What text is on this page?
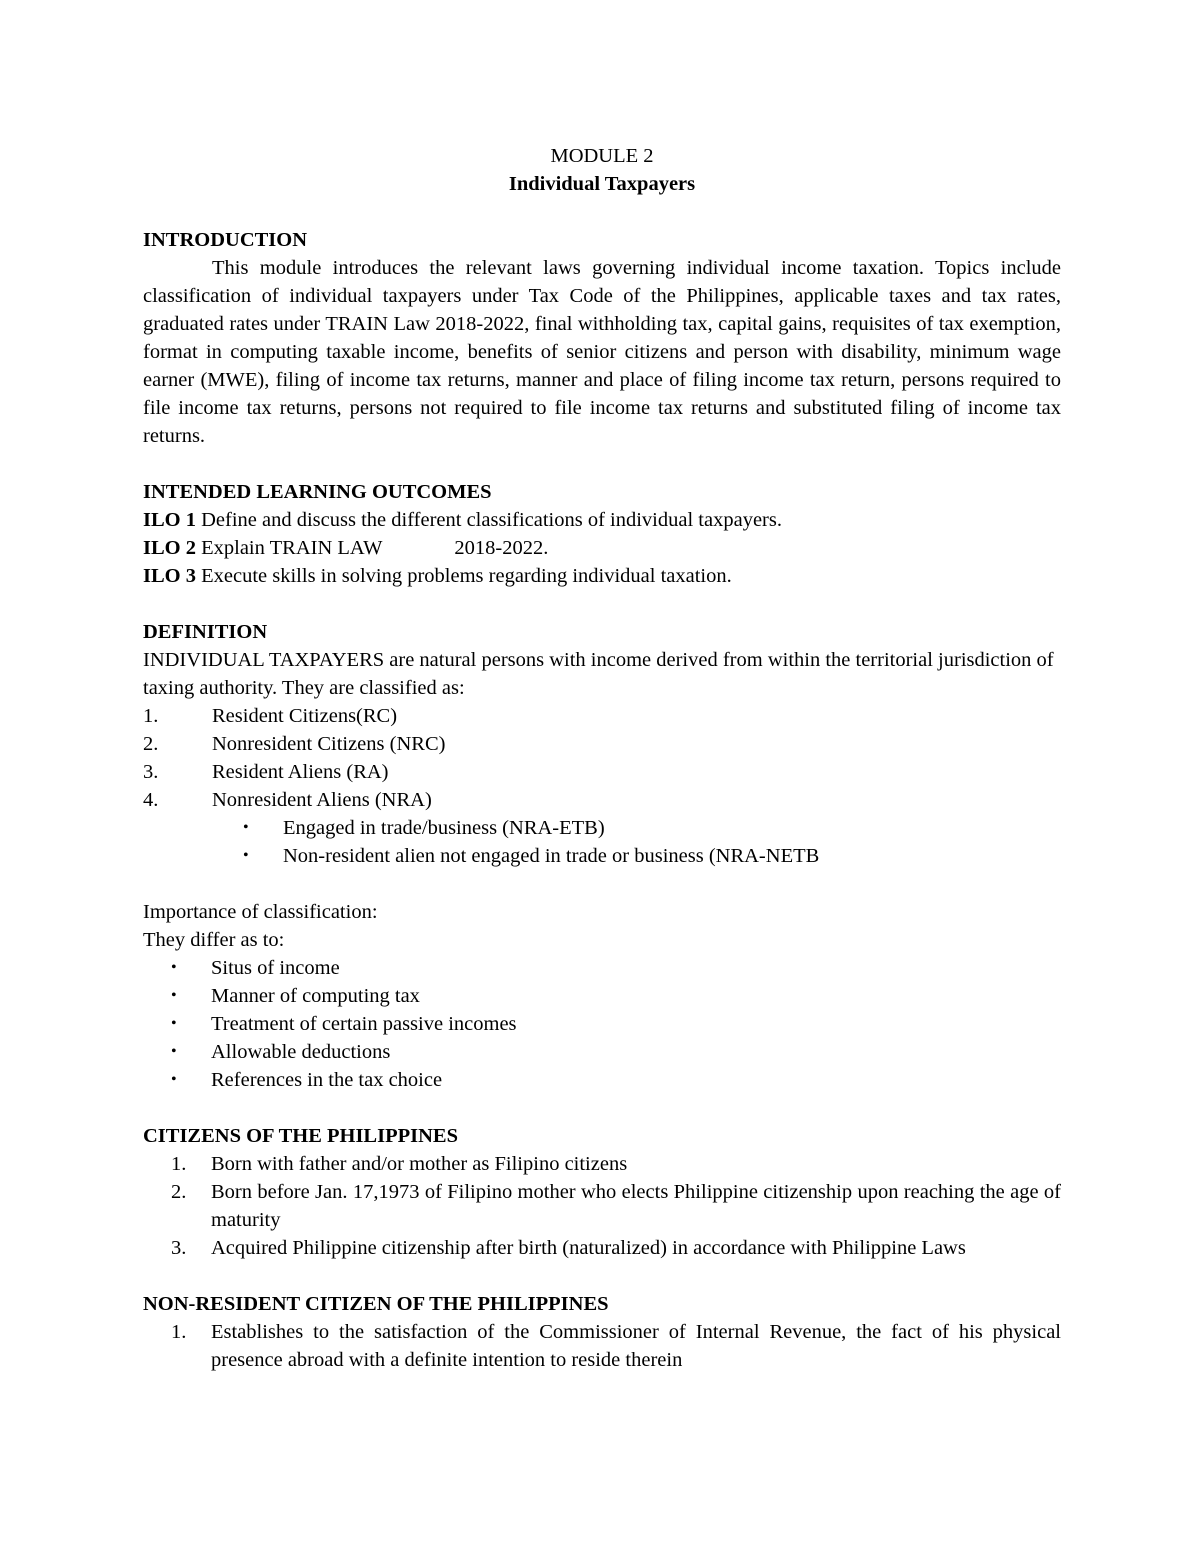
MODULE 2

Individual Taxpayers

INTRODUCTION

This module introduces the relevant laws governing individual income taxation. Topics include classification of individual taxpayers under Tax Code of the Philippines, applicable taxes and tax rates, graduated rates under TRAIN Law 2018-2022, final withholding tax, capital gains, requisites of tax exemption, format in computing taxable income, benefits of senior citizens and person with disability, minimum wage earner (MWE), filing of income tax returns, manner and place of filing income tax return, persons required to file income tax returns, persons not required to file income tax returns and substituted filing of income tax returns.

INTENDED LEARNING OUTCOMES

ILO 1 Define and discuss the different classifications of individual taxpayers.

ILO 2 Explain TRAIN LAW	2018-2022.

ILO 3 Execute skills in solving problems regarding individual taxation.

DEFINITION

INDIVIDUAL TAXPAYERS are natural persons with income derived from within the territorial jurisdiction of taxing authority. They are classified as:

1.	Resident Citizens(RC)
2.	Nonresident Citizens (NRC)
3.	Resident Aliens (RA)
4.	Nonresident Aliens (NRA)
•	Engaged in trade/business (NRA-ETB)
•	Non-resident alien not engaged in trade or business (NRA-NETB

Importance of classification:

They differ as to:

•	Situs of income
•	Manner of computing tax
•	Treatment of certain passive incomes
•	Allowable deductions
•	References in the tax choice

CITIZENS OF THE PHILIPPINES

1.	Born with father and/or mother as Filipino citizens
2.	Born before Jan. 17,1973 of Filipino mother who elects Philippine citizenship upon reaching the age of maturity
3.	Acquired Philippine citizenship after birth (naturalized) in accordance with Philippine Laws

NON-RESIDENT CITIZEN OF THE PHILIPPINES

1.	Establishes to the satisfaction of the Commissioner of Internal Revenue, the fact of his physical presence abroad with a definite intention to reside therein
